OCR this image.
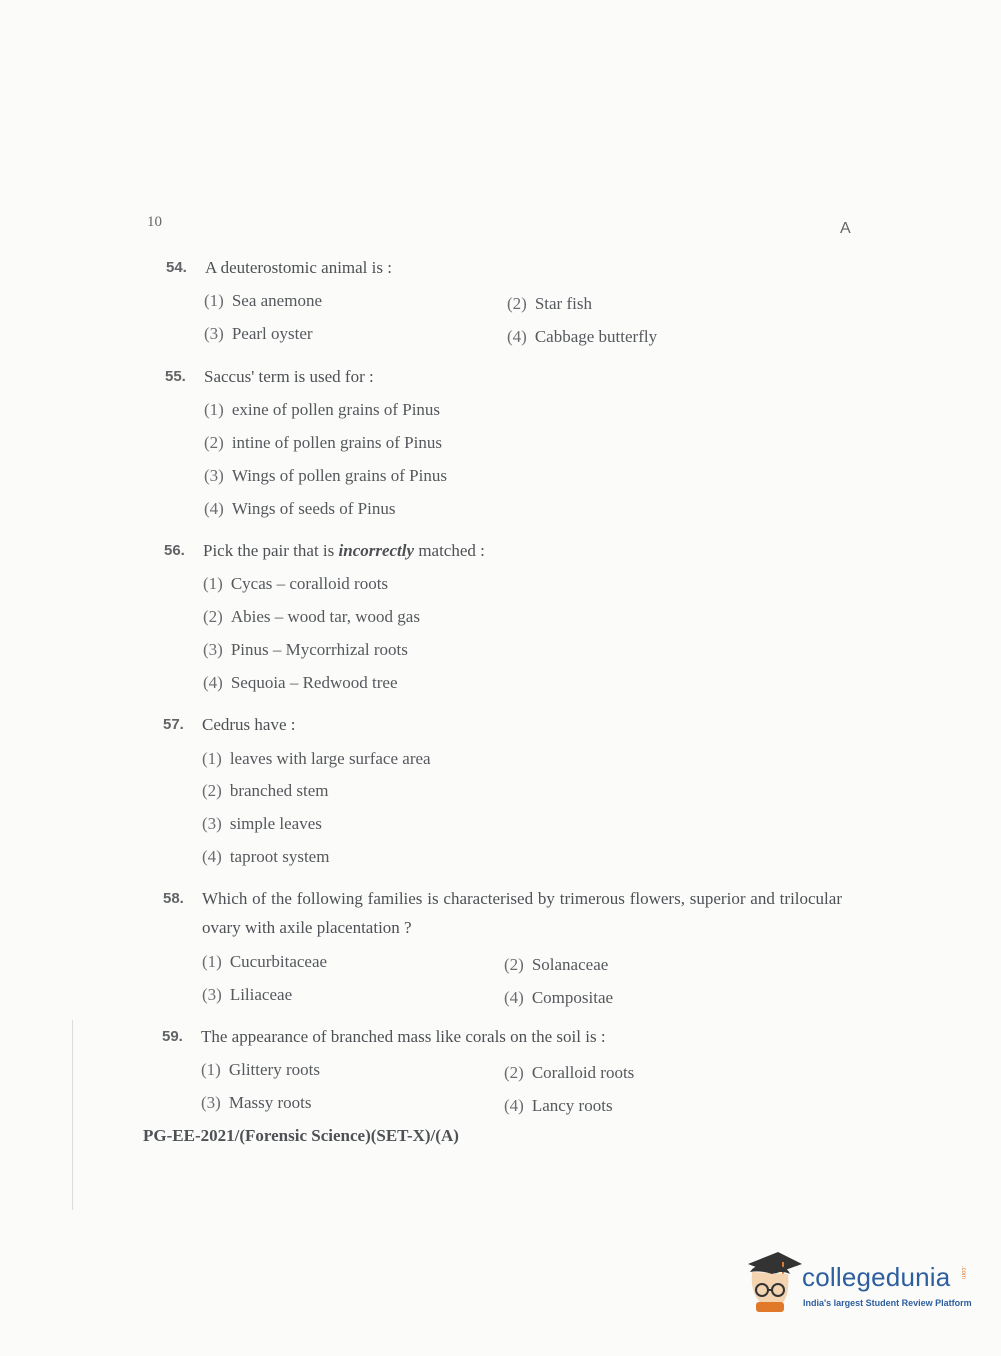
10	A
54. A deuterostomic animal is :
(1) Sea anemone	(2) Star fish
(3) Pearl oyster	(4) Cabbage butterfly
55. Saccus' term is used for :
(1) exine of pollen grains of Pinus
(2) intine of pollen grains of Pinus
(3) Wings of pollen grains of Pinus
(4) Wings of seeds of Pinus
56. Pick the pair that is incorrectly matched :
(1) Cycas – coralloid roots
(2) Abies – wood tar, wood gas
(3) Pinus – Mycorrhizal roots
(4) Sequoia – Redwood tree
57. Cedrus have :
(1) leaves with large surface area
(2) branched stem
(3) simple leaves
(4) taproot system
58. Which of the following families is characterised by trimerous flowers, superior and trilocular ovary with axile placentation ?
(1) Cucurbitaceae	(2) Solanaceae
(3) Liliaceae	(4) Compositae
59. The appearance of branched mass like corals on the soil is :
(1) Glittery roots	(2) Coralloid roots
(3) Massy roots	(4) Lancy roots
PG-EE-2021/(Forensic Science)(SET-X)/(A)
collegedunia .com
India's largest Student Review Platform
